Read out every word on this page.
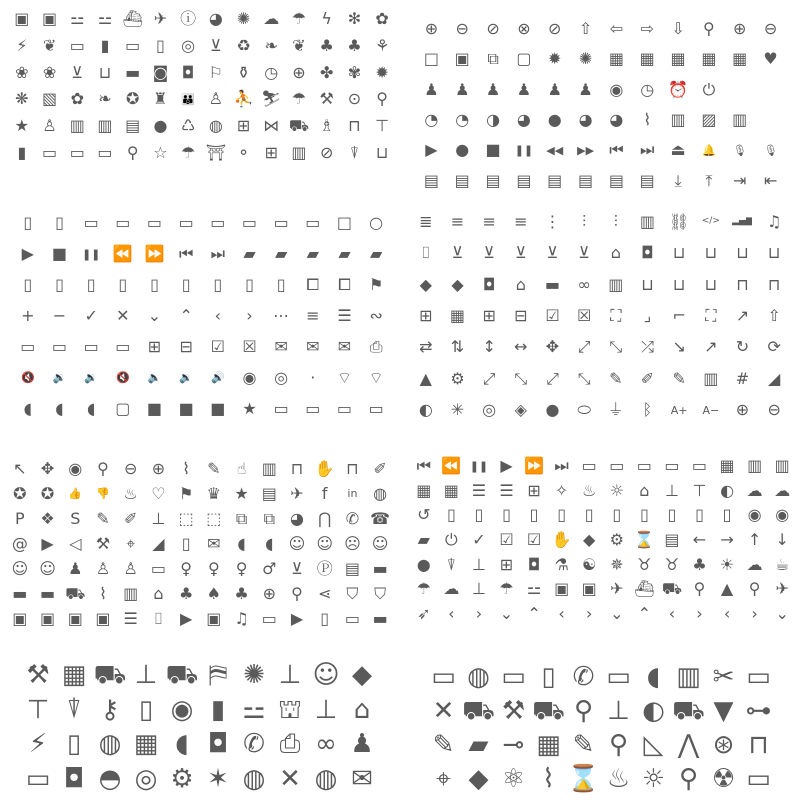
▣ ▣ ⚍ ⚍ ⛴ ✈ ⓘ ◕ ✺ ☁ ☂ ϟ ✻ ✿
⚡ ❦ ▭ ▮ ▭ ▯ ◎ ⊻ ♻ ❧ ❦ ♣ ♣ ⚘
❀ ❀ ⊻ ⊔ ▬ ◙ ◘ ⚐ ⚱ ◷ ⊕ ✤ ✾ ✹
❋ ▧ ✿ ❧ ✪ ♜ 👪 ♙ ⛹ ⛷ ☂ ⚒ ⊙ ⚲
★ ♙ ▥ ▥ ▤ ● ♺ ◍ ⊞ ⋈ ⛟ ♗ ⊓ ⊤
▮ ▭ ▭ ▭ ⚲ ☆ ☂ ⛩ ⚬ ⊞ ▥ ⊘ ⍒ ⊔
⊕ ⊖ ⊘ ⊗ ⊘ ⇧ ⇦ ⇨ ⇩ ⚲ ⊕ ⊖
□ ▣ ⧉ ▢ ✹ ✺ ▦ ▦ ▦ ▦ ▦ ♥
♟ ♟ ♟ ♟ ♟ ♟ ◉ ◷ ⏰ ⏻
◔ ◔ ◑ ◕ ● ◕ ◕ ⌇ ▥ ▨ ▥
▶ ● ■ ❚❚ ◀◀ ▶▶ ⏮ ⏭ ⏏ 🔔 🎙 🎙
▤ ▤ ▤ ▤ ▤ ▤ ▤ ▤ ⤓ ⤒ ⇥ ⇤
▯ ▯ ▭ ▭ ▭ ▭ ▭ ▭ ▭ ▭ □ ○
▶ ■ ❚❚ ⏪ ⏩ ⏮ ⏭ ▰ ▰ ▰ ▰ ▰
▯ ▯ ▯ ▯ ▯ ▯ ▯ ▯ ▯ ⧠ ⧠ ⚑
+ − ✓ ✕ ⌄ ⌃ ‹ › ⋯ ≡ ☰ ∾
▭ ▭ ▭ ▭ ⊞ ⊟ ☑ ☒ ✉ ✉ ✉ ⎙
🔇 🔉 🔉 🔇 🔈 🔉 🔊 ◉ ◎ · ⌔ ⌔
◖ ◖ ◖ ▢ ■ ■ ■ ★ ▭ ▭ ▭ ▭
≣ ≡ ≡ ≡ ⋮ ⫶ ⫶ ▥ ⛓ </> ▂▄▆ ♫
⌷ ⊻ ⊻ ⊻ ⊻ ⊻ ⌂ ◘ ⊔ ⊔ ⊔ ⊔
◆ ◆ ◘ ⌂ ▬ ∞ ▥ ⊔ ⊔ ⊔ ⊓ ⊓
⊞ ▦ ⊞ ⊟ ☑ ☒ ⛶ ⌟ ⌐ ⛶ ↗ ⇧
⇄ ⇅ ↕ ↔ ✥ ⤢ ⤡ ⤮ ↘ ↗ ↻ ⟳
▲ ⚙ ⤢ ⤡ ⤢ ⤡ ✎ ✐ ✎ ▥ # ◢
◐ ✳ ◎ ◈ ● ⬭ ⏚ ᛒ A+ A− ⊕ ⊖
↖ ✥ ◉ ⚲ ⊖ ⊕ ⌇ ✎ ☝ ▥ ⊓ ✋ ⊓ ✐
✪ ✪ 👍 👎 ♨ ♡ ⚑ ♛ ★ ▤ ✈ f in ◍
P ❖ S ✎ ✐ ⊥ ⬚ ⬚ ⧉ ⧉ ◕ ⋂ ✆ ☎
@ ▶ ◁ ⚒ ⌖ ◢ ▯ ✉ ◖ ◖ ☺ ☺ ☹ ☺
☺ ☺ ♟ ♙ ♙ ▭ ♀ ♀ ♀ ♂ ⊻ Ⓟ ▤ ▬
▬ ▬ ⛟ ⌇ ▥ ⌂ ♣ ♠ ♣ ⊕ ⚲ ⋖ ⛉ ⛉
▣ ▣ ▣ ▣ ☰ ⌷ ▶ ▣ ♫ ▭ ▶ ▯ ▭ ▬
⏮ ⏪ ❚❚ ▶ ⏩ ⏭ ▭ ▭ ▭ ▭ ▭ ▦ ▥ ▥
▦ ▦ ☰ ☰ ⊞ ✧ ♨ ☼ ⌂ ⊥ ⊤ ◐ ☁ ☁
↺ ▯ ▯ ▯ ▯ ▯ ▯ ▯ ▯ ▯ ▯ ▯ ◉ ◉
▰ ⏻ ✓ ☑ ☑ ✋ ◆ ⚙ ⌛ ▤ ← → ↑ ↓
● ⍒ ⊥ ⊞ ◘ ⚗ ☯ ✵ ♉ ♉ ♣ ☀ ☁ ☕
☂ ☁ ⊥ ☂ ⚍ ▣ ▣ ✈ ⛴ ⛟ ⚲ ▲ ⚲ ✈
➶ ‹ › ⌄ ⌃ ‹ › ⌄ ⌃ ‹ › ‹ › ⌄
⚒ ▦ ⛟ ⊥ ⛟ ⛿ ✺ ⊥ ☺ ◆
⊤ ⍒ ⚷ ▯ ◉ ▮ ⚍ ⛫ ⊥ ⌂
⚡ ▯ ◍ ▦ ◖ ◘ ✆ ⎙ ∞ ♟
▭ ◘ ◓ ◎ ⚙ ✶ ◍ ✕ ◍ ✉
▭ ◍ ▭ ▯ ✆ ▭ ◖ ▥ ✂ ▭
✕ ⛟ ⚒ ⛟ ⚲ ⊥ ◐ ⛟ ▼ ⊶
✎ ▰ ⊸ ▦ ✎ ⚲ ◺ ⋀ ⊛ ⊓
⌖ ◆ ⚛ ⌇ ⌛ ♨ ☼ ⚲ ☢ ▭
